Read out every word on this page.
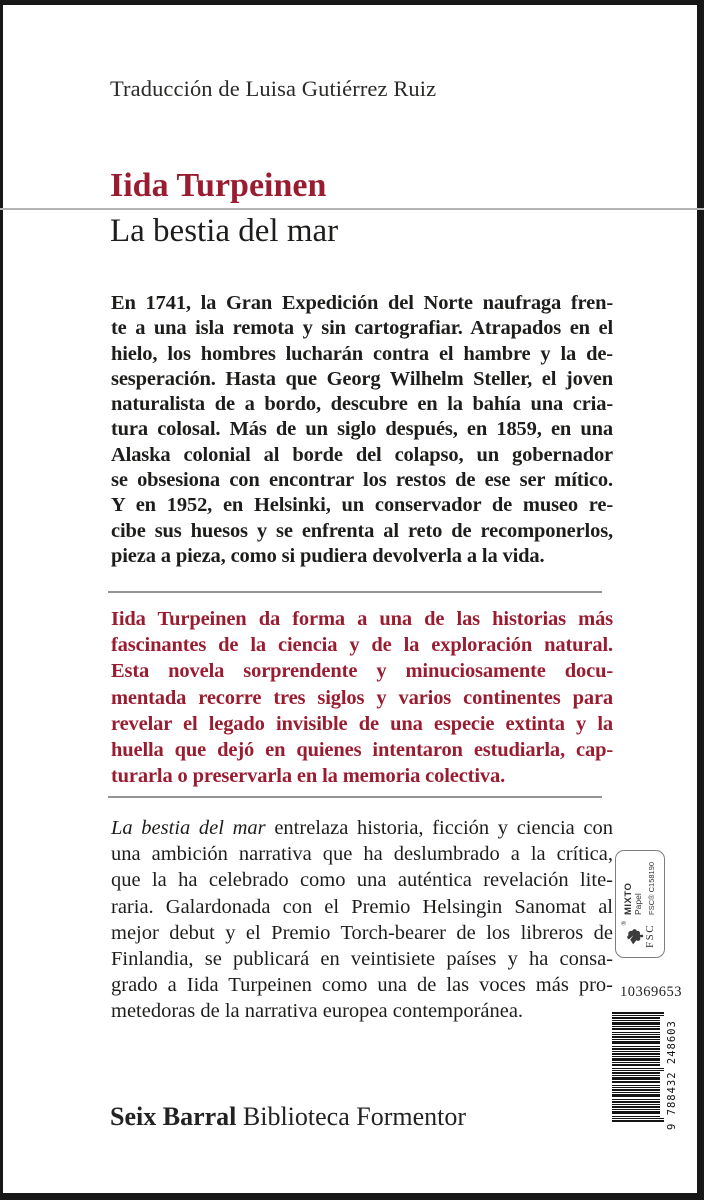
Traducción de Luisa Gutiérrez Ruiz
Iida Turpeinen
La bestia del mar
En 1741, la Gran Expedición del Norte naufraga fren-
te a una isla remota y sin cartografiar. Atrapados en el
hielo, los hombres lucharán contra el hambre y la de-
sesperación. Hasta que Georg Wilhelm Steller, el joven
naturalista de a bordo, descubre en la bahía una cria-
tura colosal. Más de un siglo después, en 1859, en una
Alaska colonial al borde del colapso, un gobernador
se obsesiona con encontrar los restos de ese ser mítico.
Y en 1952, en Helsinki, un conservador de museo re-
cibe sus huesos y se enfrenta al reto de recomponerlos,
pieza a pieza, como si pudiera devolverla a la vida.
Iida Turpeinen da forma a una de las historias más
fascinantes de la ciencia y de la exploración natural.
Esta novela sorprendente y minuciosamente docu-
mentada recorre tres siglos y varios continentes para
revelar el legado invisible de una especie extinta y la
huella que dejó en quienes intentaron estudiarla, cap-
turarla o preservarla en la memoria colectiva.
La bestia del mar entrelaza historia, ficción y ciencia con
una ambición narrativa que ha deslumbrado a la crítica,
que la ha celebrado como una auténtica revelación lite-
raria. Galardonada con el Premio Helsingin Sanomat al
mejor debut y el Premio Torch-bearer de los libreros de
Finlandia, se publicará en veintisiete países y ha consa-
grado a Iida Turpeinen como una de las voces más pro-
metedoras de la narrativa europea contemporánea.
10369653
®
FSC
MIXTO Papel FSC® C158190
9 788432 248603
Seix Barral Biblioteca Formentor
